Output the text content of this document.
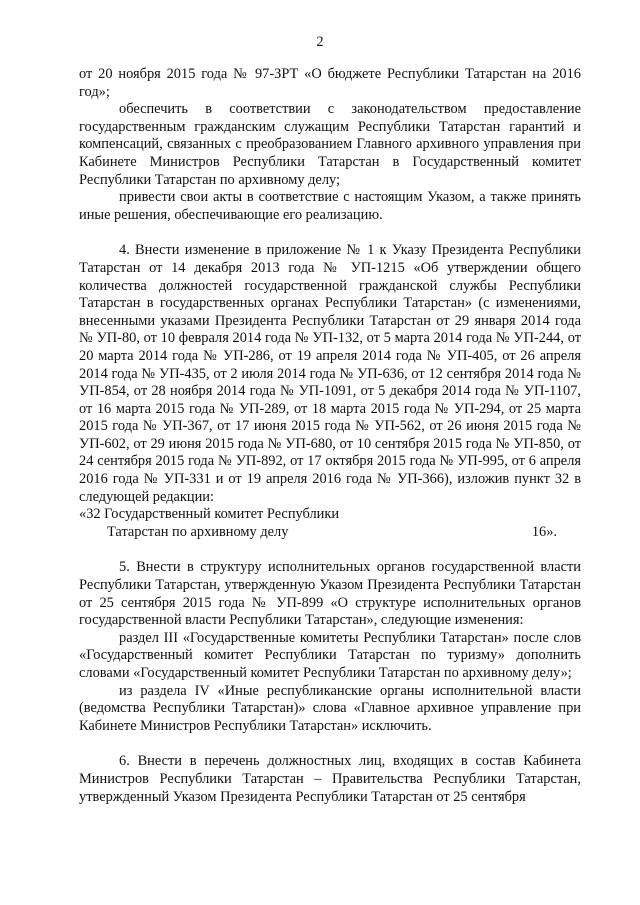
2

от 20 ноября 2015 года № 97-ЗРТ «О бюджете Республики Татарстан на 2016 год»;

обеспечить в соответствии с законодательством предоставление государственным гражданским служащим Республики Татарстан гарантий и компенсаций, связанных с преобразованием Главного архивного управления при Кабинете Министров Республики Татарстан в Государственный комитет Республики Татарстан по архивному делу;

привести свои акты в соответствие с настоящим Указом, а также принять иные решения, обеспечивающие его реализацию.

4. Внести изменение в приложение № 1 к Указу Президента Республики Татарстан от 14 декабря 2013 года № УП-1215 «Об утверждении общего количества должностей государственной гражданской службы Республики Татарстан в государственных органах Республики Татарстан» (с изменениями, внесенными указами Президента Республики Татарстан от 29 января 2014 года № УП-80, от 10 февраля 2014 года № УП-132, от 5 марта 2014 года № УП-244, от 20 марта 2014 года № УП-286, от 19 апреля 2014 года № УП-405, от 26 апреля 2014 года № УП-435, от 2 июля 2014 года № УП-636, от 12 сентября 2014 года № УП-854, от 28 ноября 2014 года № УП-1091, от 5 декабря 2014 года № УП-1107, от 16 марта 2015 года № УП-289, от 18 марта 2015 года № УП-294, от 25 марта 2015 года № УП-367, от 17 июня 2015 года № УП-562, от 26 июня 2015 года № УП-602, от 29 июня 2015 года № УП-680, от 10 сентября 2015 года № УП-850, от 24 сентября 2015 года № УП-892, от 17 октября 2015 года № УП-995, от 6 апреля 2016 года № УП-331 и от 19 апреля 2016 года № УП-366), изложив пункт 32 в следующей редакции:

«32 Государственный комитет Республики

Татарстан по архивному делу	16».

5. Внести в структуру исполнительных органов государственной власти Республики Татарстан, утвержденную Указом Президента Республики Татарстан от 25 сентября 2015 года № УП-899 «О структуре исполнительных органов государственной власти Республики Татарстан», следующие изменения:

раздел III «Государственные комитеты Республики Татарстан» после слов «Государственный комитет Республики Татарстан по туризму» дополнить словами «Государственный комитет Республики Татарстан по архивному делу»;

из раздела IV «Иные республиканские органы исполнительной власти (ведомства Республики Татарстан)» слова «Главное архивное управление при Кабинете Министров Республики Татарстан» исключить.

6. Внести в перечень должностных лиц, входящих в состав Кабинета Министров Республики Татарстан – Правительства Республики Татарстан, утвержденный Указом Президента Республики Татарстан от 25 сентября
